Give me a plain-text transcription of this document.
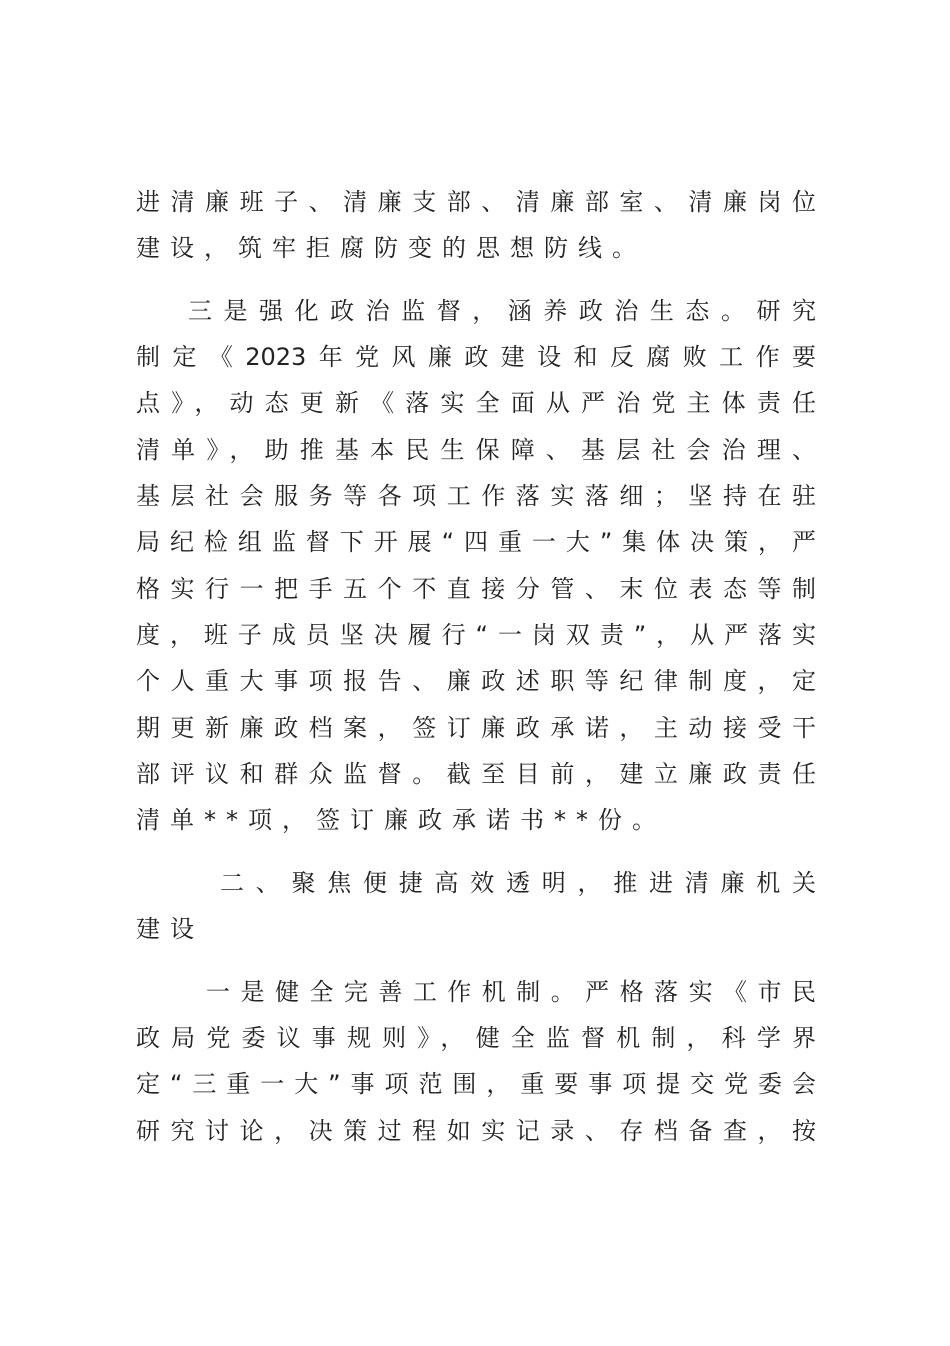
进清廉班子、清廉支部、清廉部室、清廉岗位
建设，筑牢拒腐防变的思想防线。
三是强化政治监督，涵养政治生态。研究
制定《2023年党风廉政建设和反腐败工作要
点》，动态更新《落实全面从严治党主体责任
清单》，助推基本民生保障、基层社会治理、
基层社会服务等各项工作落实落细；坚持在驻
局纪检组监督下开展“四重一大”集体决策，严
格实行一把手五个不直接分管、末位表态等制
度，班子成员坚决履行“一岗双责”，从严落实
个人重大事项报告、廉政述职等纪律制度，定
期更新廉政档案，签订廉政承诺，主动接受干
部评议和群众监督。截至目前，建立廉政责任
清单**项，签订廉政承诺书**份。
二、聚焦便捷高效透明，推进清廉机关
建设
一是健全完善工作机制。严格落实《市民
政局党委议事规则》，健全监督机制，科学界
定“三重一大”事项范围，重要事项提交党委会
研究讨论，决策过程如实记录、存档备查，按
